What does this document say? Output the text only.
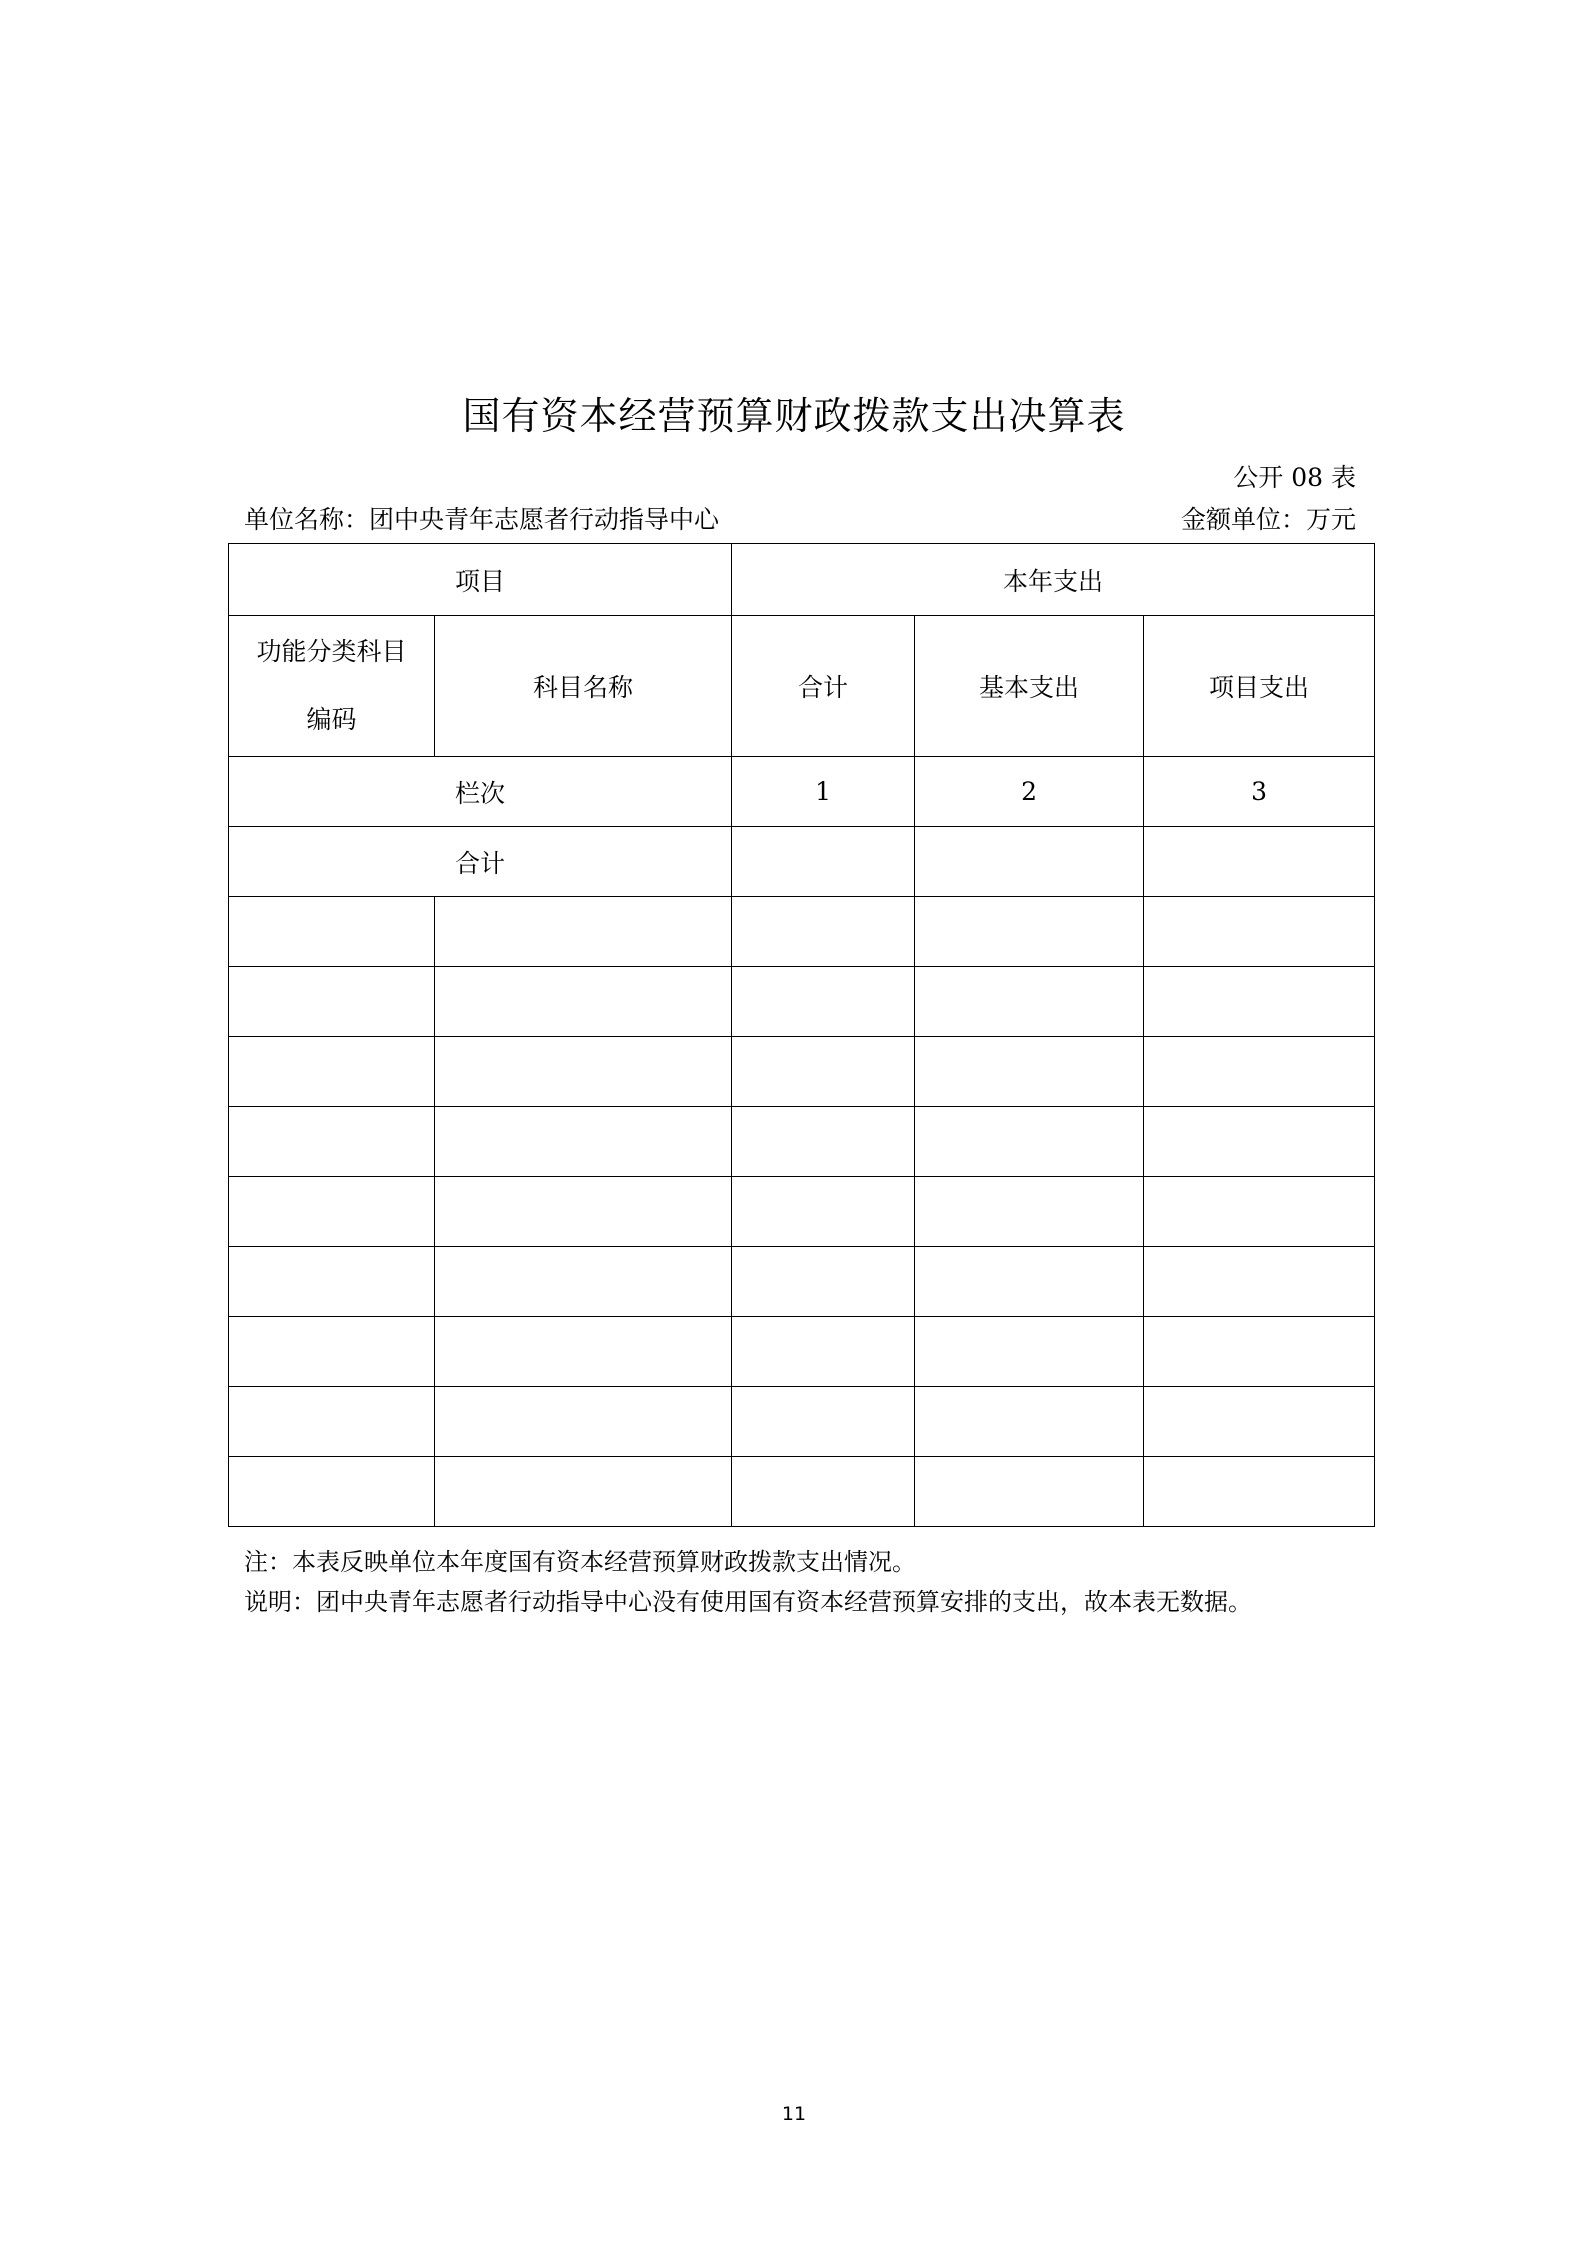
国有资本经营预算财政拨款支出决算表
公开 08 表
单位名称：团中央青年志愿者行动指导中心	金额单位：万元
项目		本年支出		
功能分类科目
编码	科目名称	合计	基本支出	项目支出
栏次		1	2	3
合计				

注：本表反映单位本年度国有资本经营预算财政拨款支出情况。
说明：团中央青年志愿者行动指导中心没有使用国有资本经营预算安排的支出，故本表无数据。
11
